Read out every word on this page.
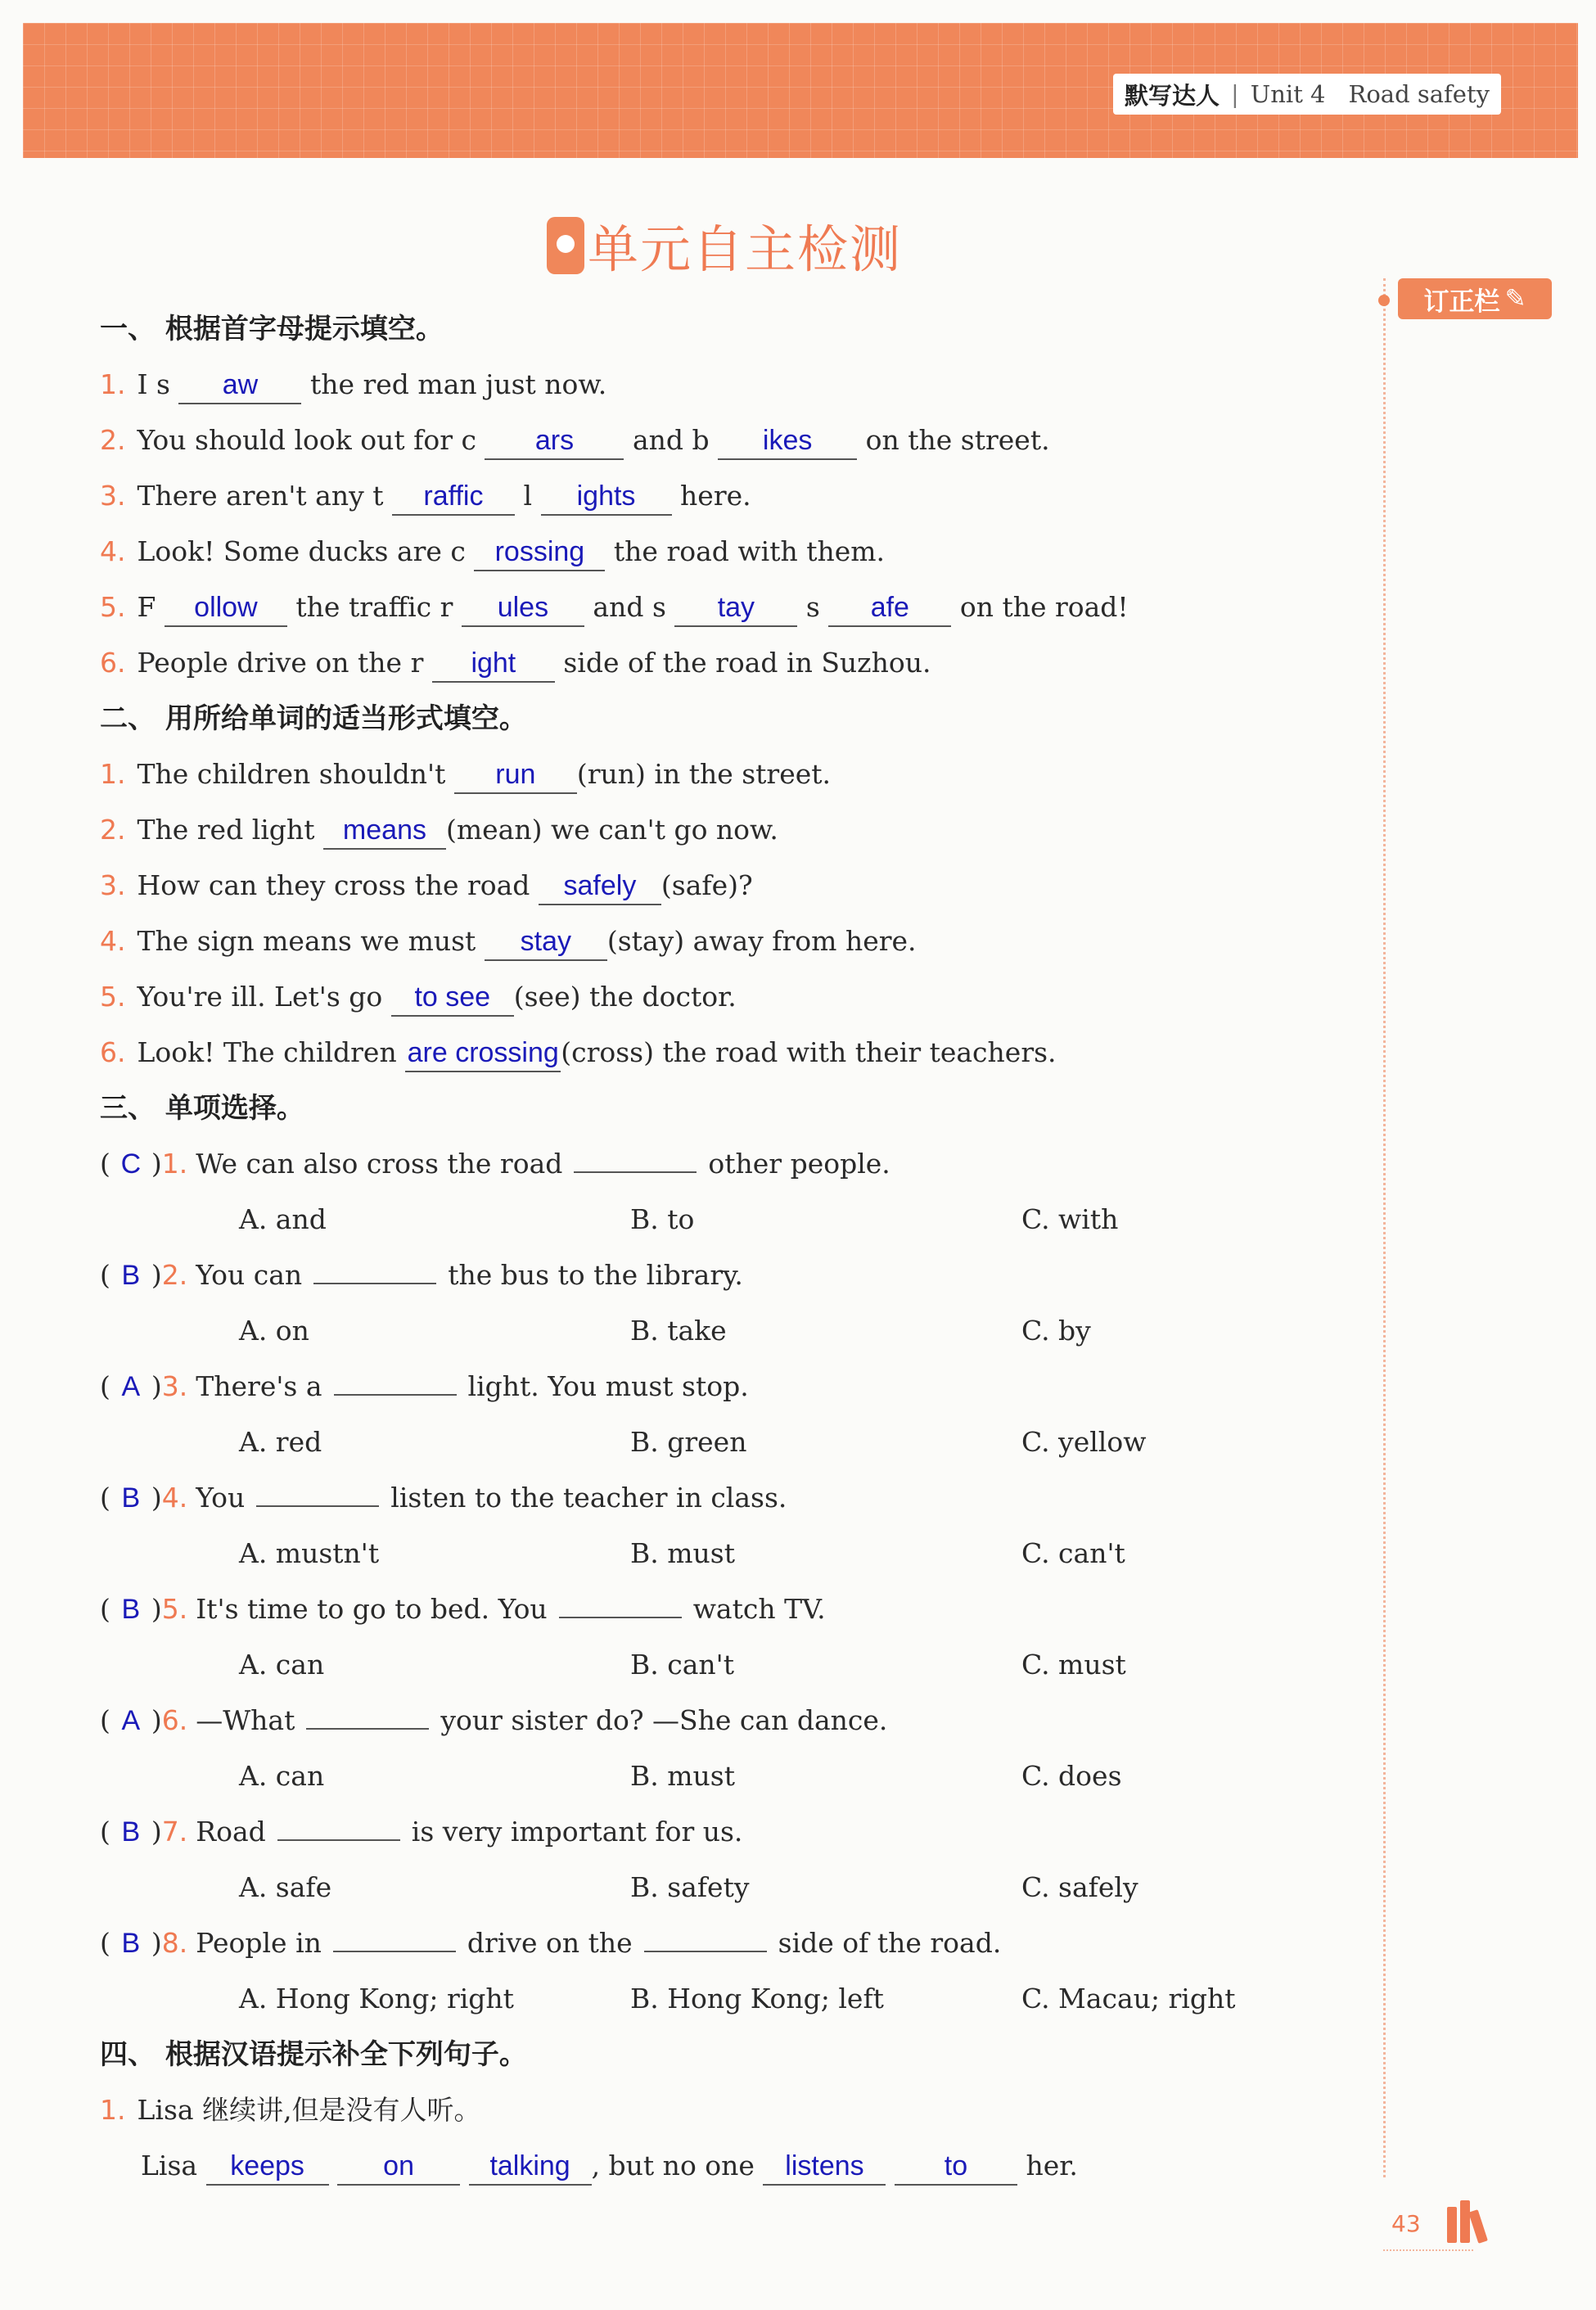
默写达人 | Unit 4 Road safety
单元自主检测
订正栏 ✎
一、 根据首字母提示填空。
1. I s aw the red man just now.
2. You should look out for c ars and b ikes on the street.
3. There aren't any t raffic l ights here.
4. Look! Some ducks are c rossing the road with them.
5. F ollow the traffic r ules and s tay s afe on the road!
6. People drive on the r ight side of the road in Suzhou.
二、 用所给单词的适当形式填空。
1. The children shouldn't run (run) in the street.
2. The red light means (mean) we can't go now.
3. How can they cross the road safely (safe)?
4. The sign means we must stay (stay) away from here.
5. You're ill. Let's go to see (see) the doctor.
6. Look! The children are crossing(cross) the road with their teachers.
三、 单项选择。
( C )1. We can also cross the road	other people.
A. and	B. to	C. with
( B )2. You can	the bus to the library.
A. on	B. take	C. by
( A )3. There's a	light. You must stop.
A. red	B. green	C. yellow
( B )4. You	listen to the teacher in class.
A. mustn't	B. must	C. can't
( B )5. It's time to go to bed. You	watch TV.
A. can	B. can't	C. must
( A )6. —What	your sister do? —She can dance.
A. can	B. must	C. does
( B )7. Road	is very important for us.
A. safe	B. safety	C. safely
( B )8. People in	drive on the	side of the road.
A. Hong Kong; right	B. Hong Kong; left	C. Macau; right
四、 根据汉语提示补全下列句子。
1. Lisa 继续讲,但是没有人听。
Lisa keeps	on	talking , but no one listens	to her.
43
